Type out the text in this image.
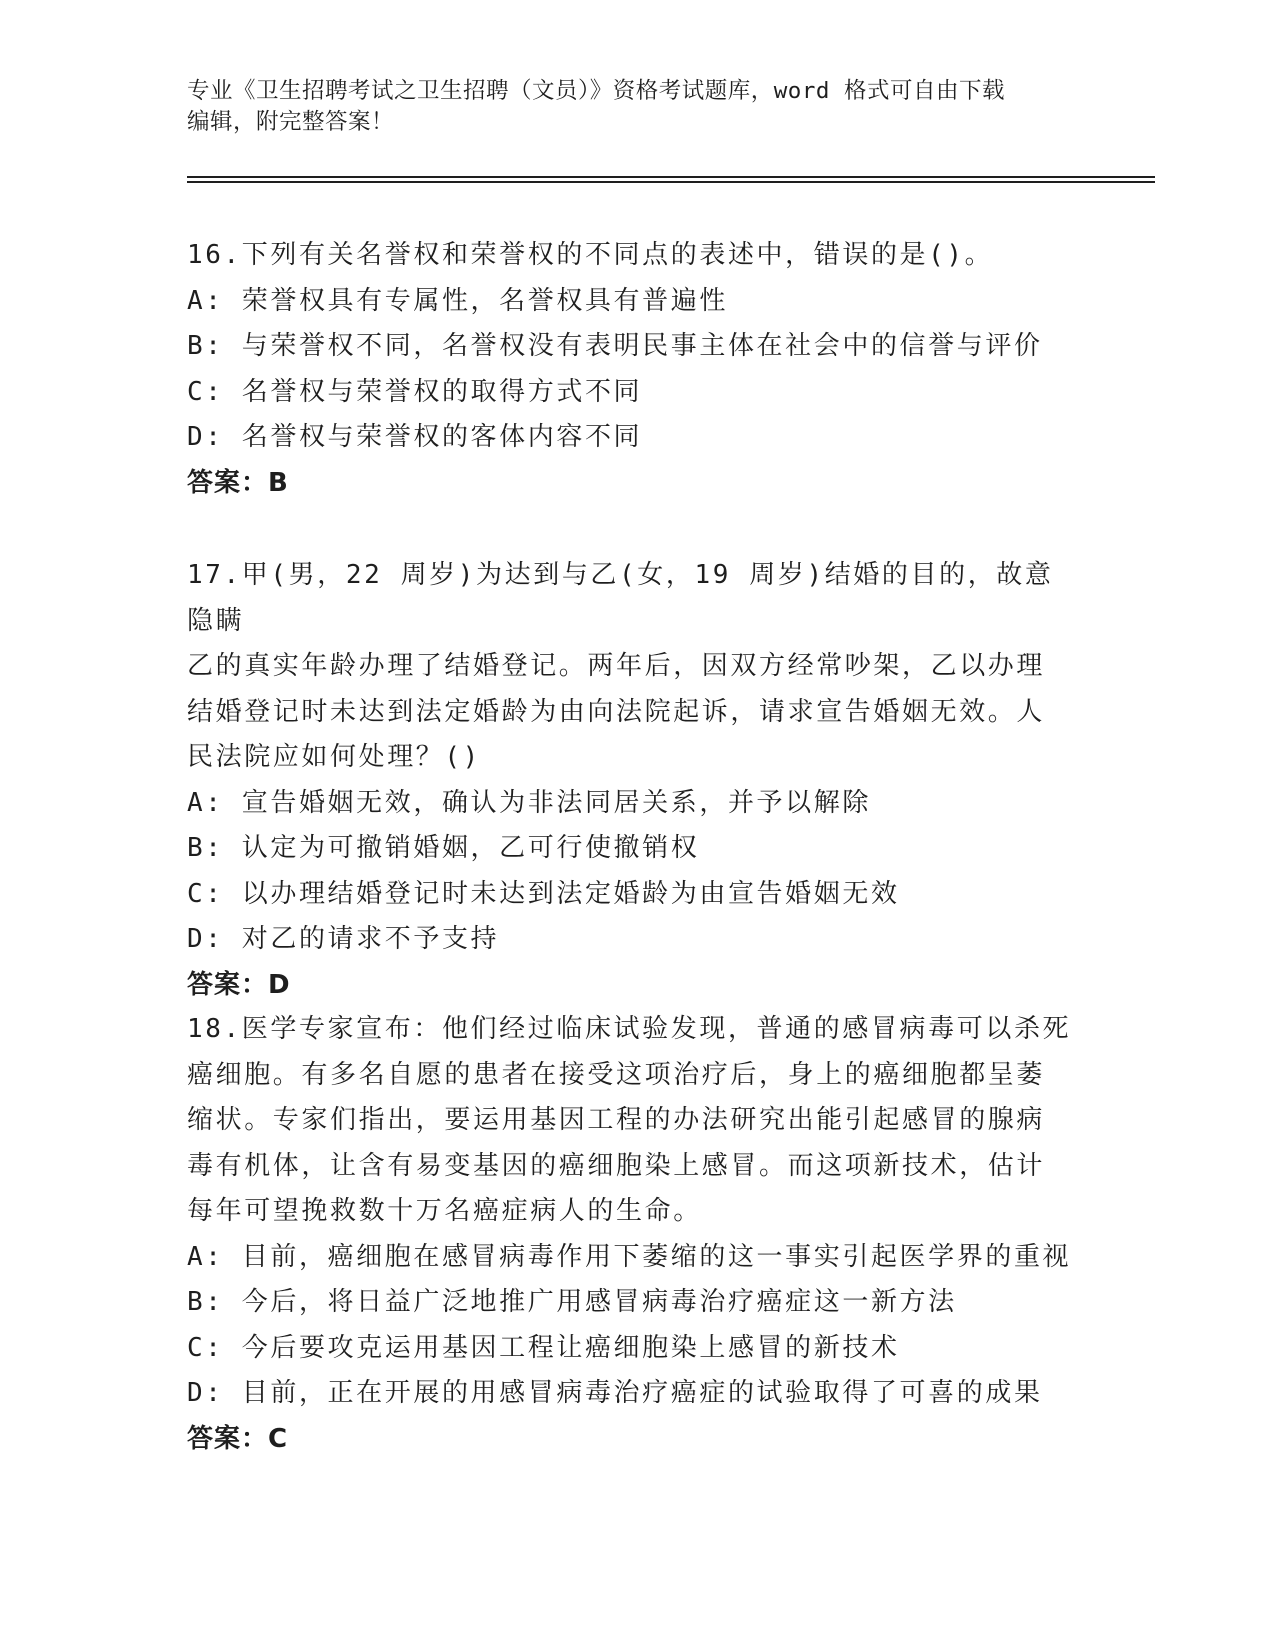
专业《卫生招聘考试之卫生招聘（文员）》资格考试题库，word 格式可自由下载
编辑，附完整答案！

16.下列有关名誉权和荣誉权的不同点的表述中，错误的是()。

A: 荣誉权具有专属性，名誉权具有普遍性

B: 与荣誉权不同，名誉权没有表明民事主体在社会中的信誉与评价

C: 名誉权与荣誉权的取得方式不同

D: 名誉权与荣誉权的客体内容不同

答案：B

17.甲(男，22 周岁)为达到与乙(女，19 周岁)结婚的目的，故意隐瞒

乙的真实年龄办理了结婚登记。两年后，因双方经常吵架，乙以办理

结婚登记时未达到法定婚龄为由向法院起诉，请求宣告婚姻无效。人

民法院应如何处理？()

A: 宣告婚姻无效，确认为非法同居关系，并予以解除

B: 认定为可撤销婚姻，乙可行使撤销权

C: 以办理结婚登记时未达到法定婚龄为由宣告婚姻无效

D: 对乙的请求不予支持

答案：D

18.医学专家宣布：他们经过临床试验发现，普通的感冒病毒可以杀死

癌细胞。有多名自愿的患者在接受这项治疗后，身上的癌细胞都呈萎

缩状。专家们指出，要运用基因工程的办法研究出能引起感冒的腺病

毒有机体，让含有易变基因的癌细胞染上感冒。而这项新技术，估计

每年可望挽救数十万名癌症病人的生命。

A: 目前，癌细胞在感冒病毒作用下萎缩的这一事实引起医学界的重视

B: 今后，将日益广泛地推广用感冒病毒治疗癌症这一新方法

C: 今后要攻克运用基因工程让癌细胞染上感冒的新技术

D: 目前，正在开展的用感冒病毒治疗癌症的试验取得了可喜的成果

答案：C
